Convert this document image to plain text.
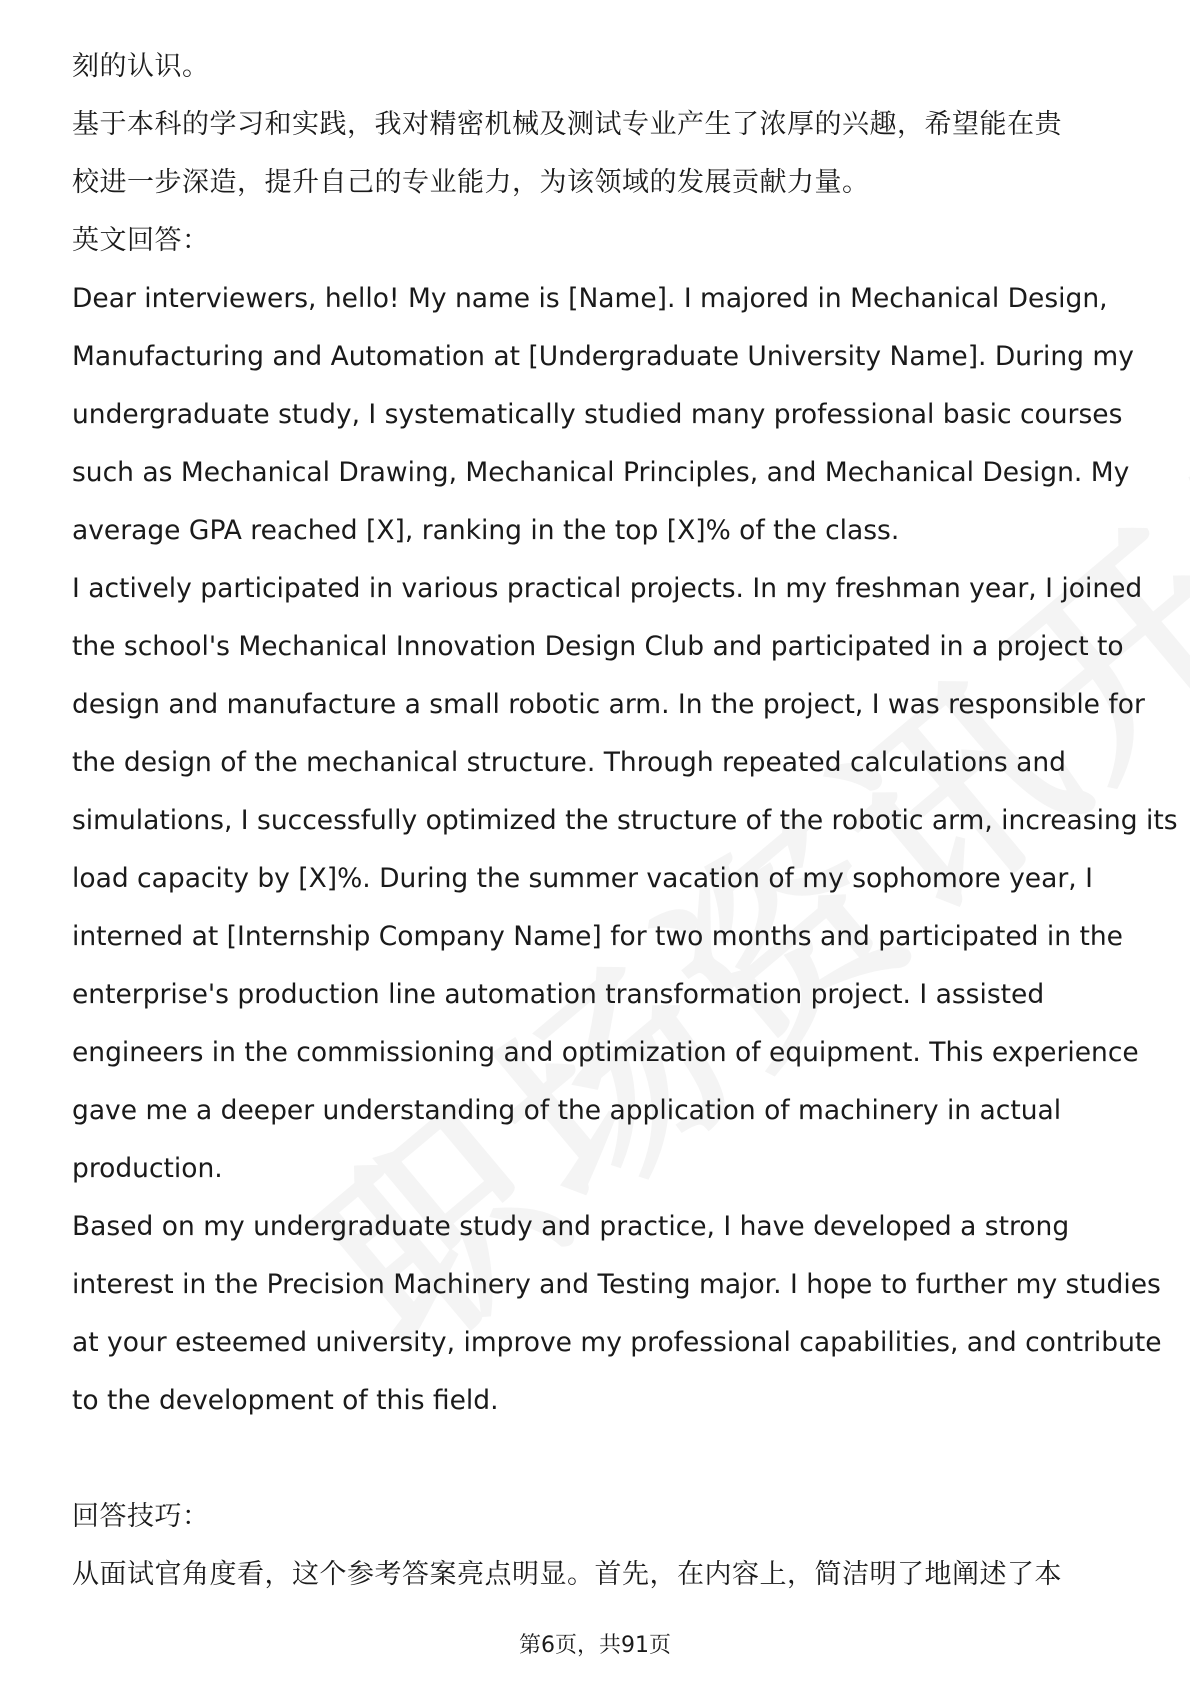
刻的认识。
基于本科的学习和实践，我对精密机械及测试专业产生了浓厚的兴趣，希望能在贵
校进一步深造，提升自己的专业能力，为该领域的发展贡献力量。
英文回答：
Dear interviewers, hello! My name is [Name]. I majored in Mechanical Design,
Manufacturing and Automation at [Undergraduate University Name]. During my
undergraduate study, I systematically studied many professional basic courses
such as Mechanical Drawing, Mechanical Principles, and Mechanical Design. My
average GPA reached [X], ranking in the top [X]% of the class.
I actively participated in various practical projects. In my freshman year, I joined
the school's Mechanical Innovation Design Club and participated in a project to
design and manufacture a small robotic arm. In the project, I was responsible for
the design of the mechanical structure. Through repeated calculations and
simulations, I successfully optimized the structure of the robotic arm, increasing its
load capacity by [X]%. During the summer vacation of my sophomore year, I
interned at [Internship Company Name] for two months and participated in the
enterprise's production line automation transformation project. I assisted
engineers in the commissioning and optimization of equipment. This experience
gave me a deeper understanding of the application of machinery in actual
production.
Based on my undergraduate study and practice, I have developed a strong
interest in the Precision Machinery and Testing major. I hope to further my studies
at your esteemed university, improve my professional capabilities, and contribute
to the development of this field.
回答技巧：
从面试官角度看，这个参考答案亮点明显。首先，在内容上，简洁明了地阐述了本
第6页，共91页
